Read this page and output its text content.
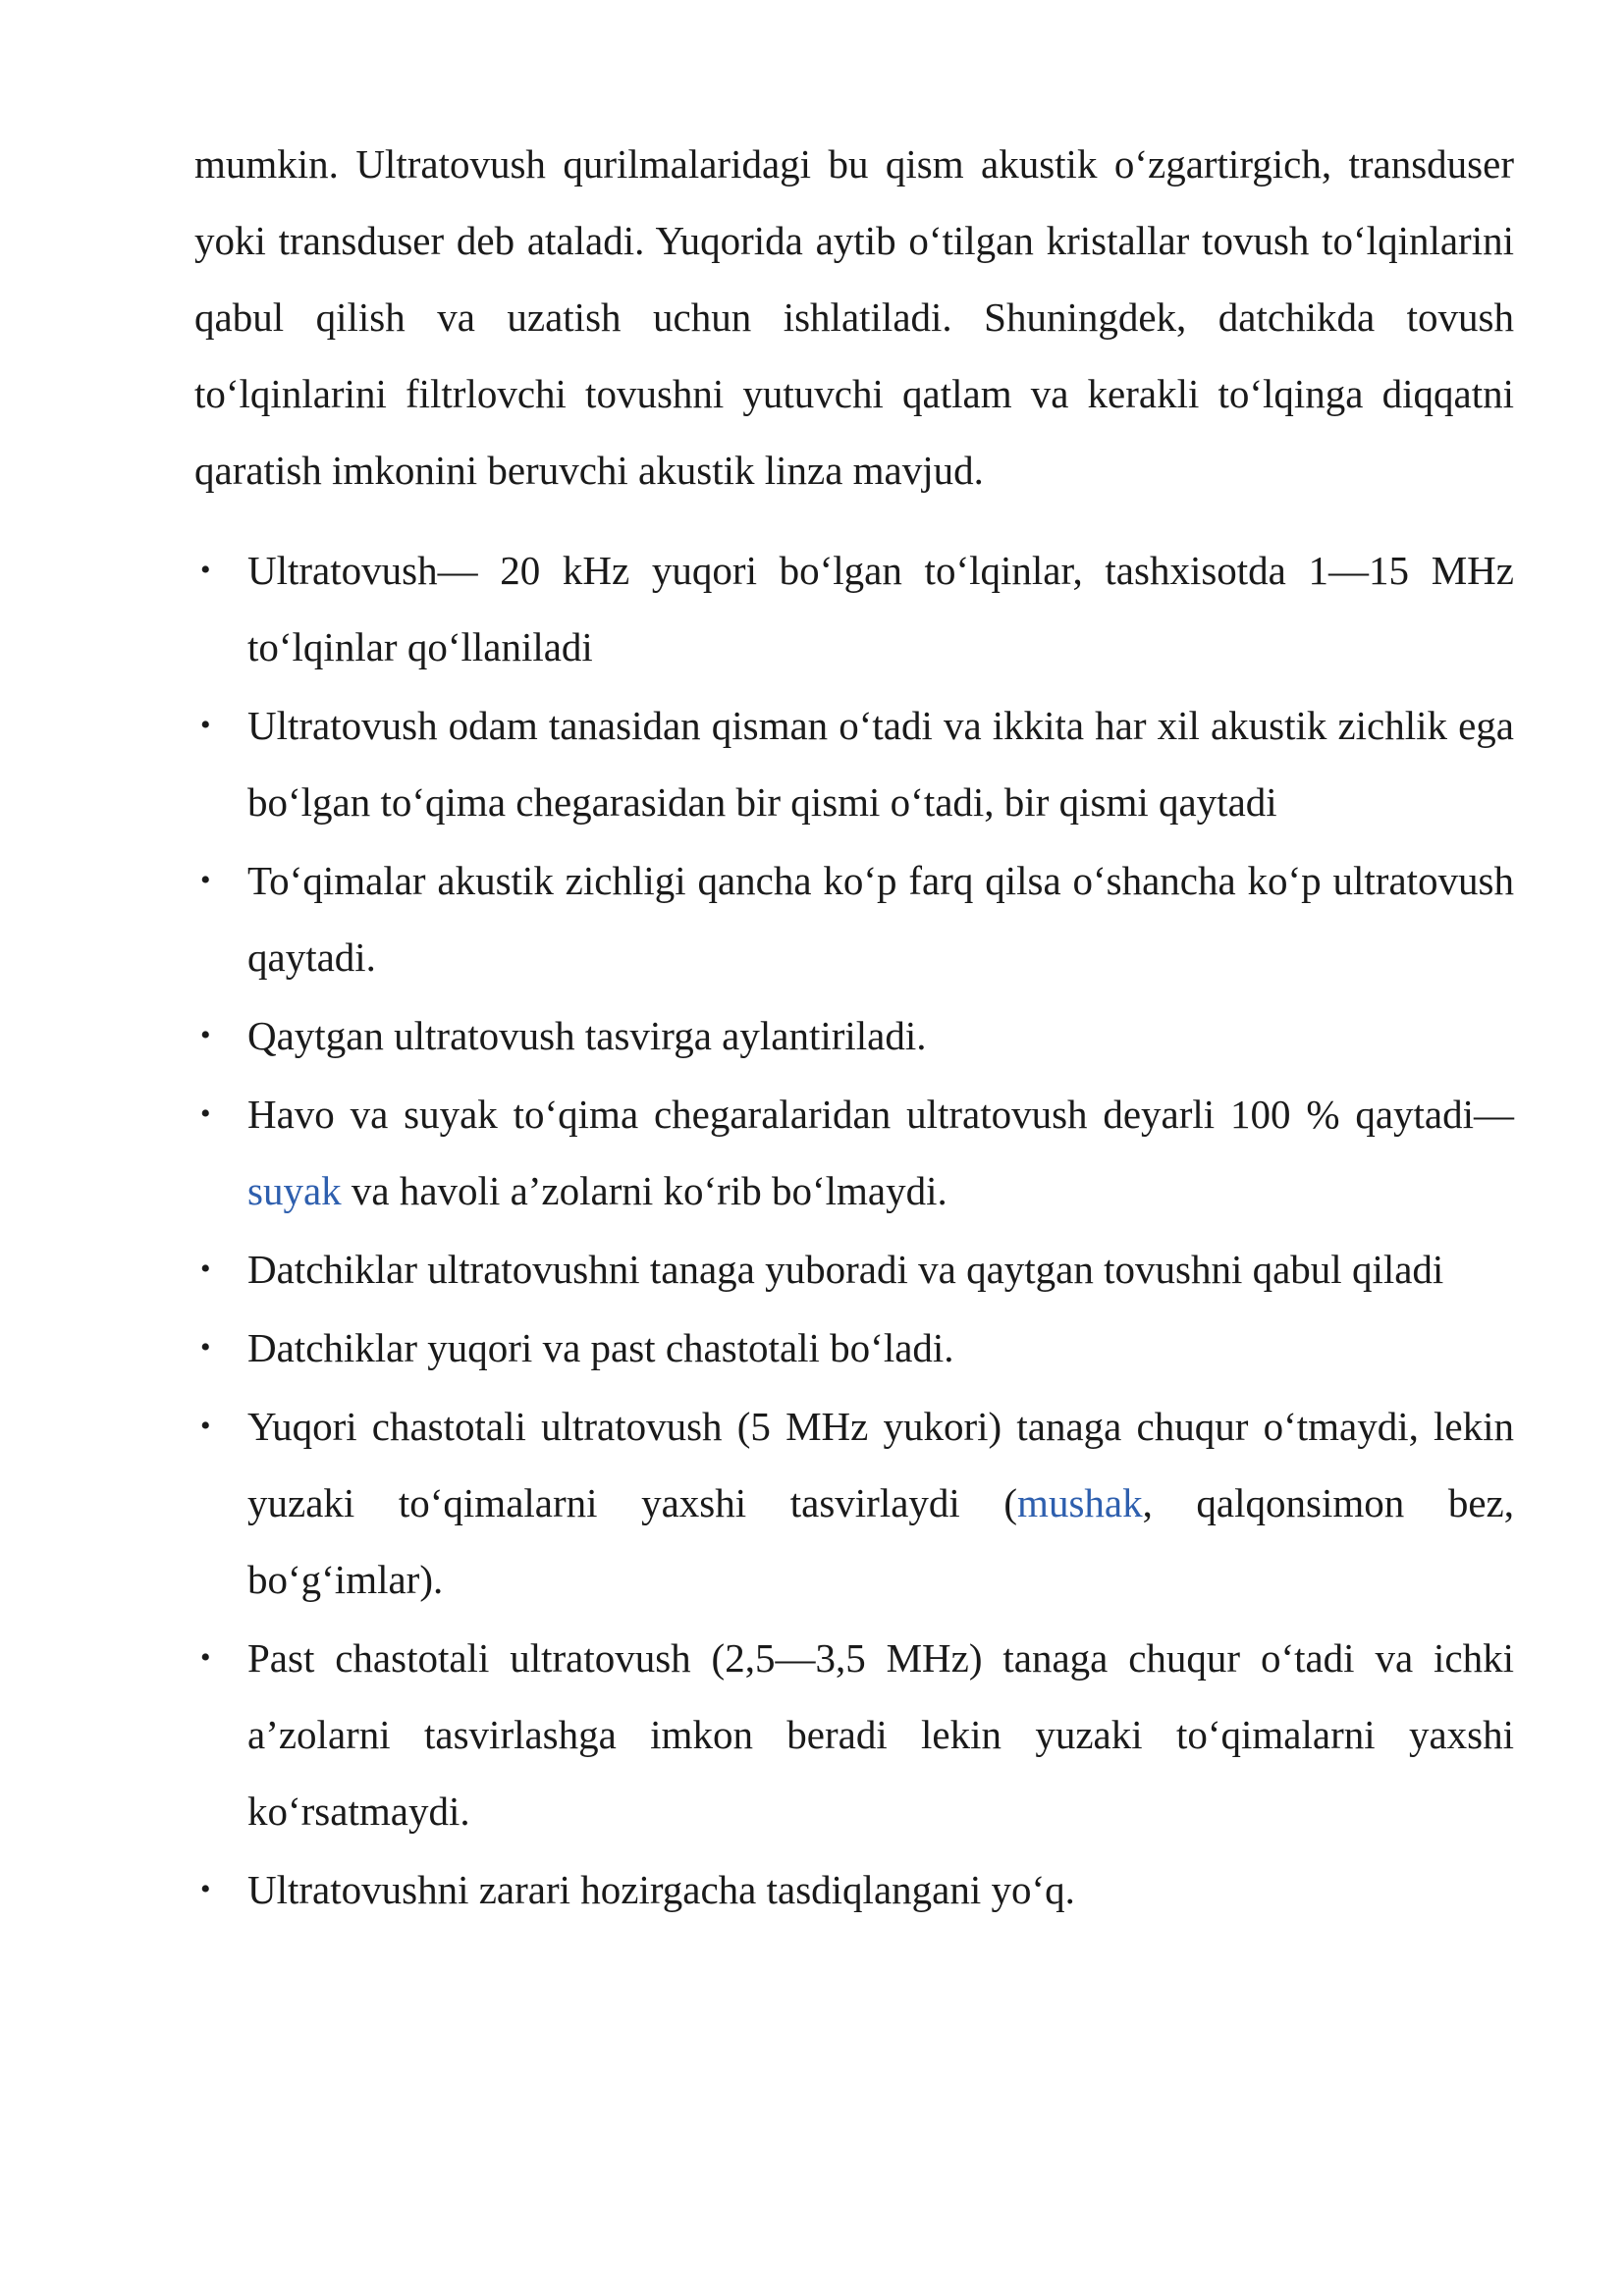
mumkin. Ultratovush qurilmalaridagi bu qism akustik o‘zgartirgich, transduser yoki transduser deb ataladi. Yuqorida aytib o‘tilgan kristallar tovush to‘lqinlarini qabul qilish va uzatish uchun ishlatiladi. Shuningdek, datchikda tovush to‘lqinlarini filtrlovchi tovushni yutuvchi qatlam va kerakli to‘lqinga diqqatni qaratish imkonini beruvchi akustik linza mavjud.

• Ultratovush— 20 kHz yuqori bo‘lgan to‘lqinlar, tashxisotda 1—15 MHz to‘lqinlar qo‘llaniladi
• Ultratovush odam tanasidan qisman o‘tadi va ikkita har xil akustik zichlik ega bo‘lgan to‘qima chegarasidan bir qismi o‘tadi, bir qismi qaytadi
• To‘qimalar akustik zichligi qancha ko‘p farq qilsa o‘shancha ko‘p ultratovush qaytadi.
• Qaytgan ultratovush tasvirga aylantiriladi.
• Havo va suyak to‘qima chegaralaridan ultratovush deyarli 100 % qaytadi— suyak va havoli a’zolarni ko‘rib bo‘lmaydi.
• Datchiklar ultratovushni tanaga yuboradi va qaytgan tovushni qabul qiladi
• Datchiklar yuqori va past chastotali bo‘ladi.
• Yuqori chastotali ultratovush (5 MHz yukori) tanaga chuqur o‘tmaydi, lekin yuzaki to‘qimalarni yaxshi tasvirlaydi (mushak, qalqonsimon bez, bo‘g‘imlar).
• Past chastotali ultratovush (2,5—3,5 MHz) tanaga chuqur o‘tadi va ichki a’zolarni tasvirlashga imkon beradi lekin yuzaki to‘qimalarni yaxshi ko‘rsatmaydi.
• Ultratovushni zarari hozirgacha tasdiqlangani yo‘q.
